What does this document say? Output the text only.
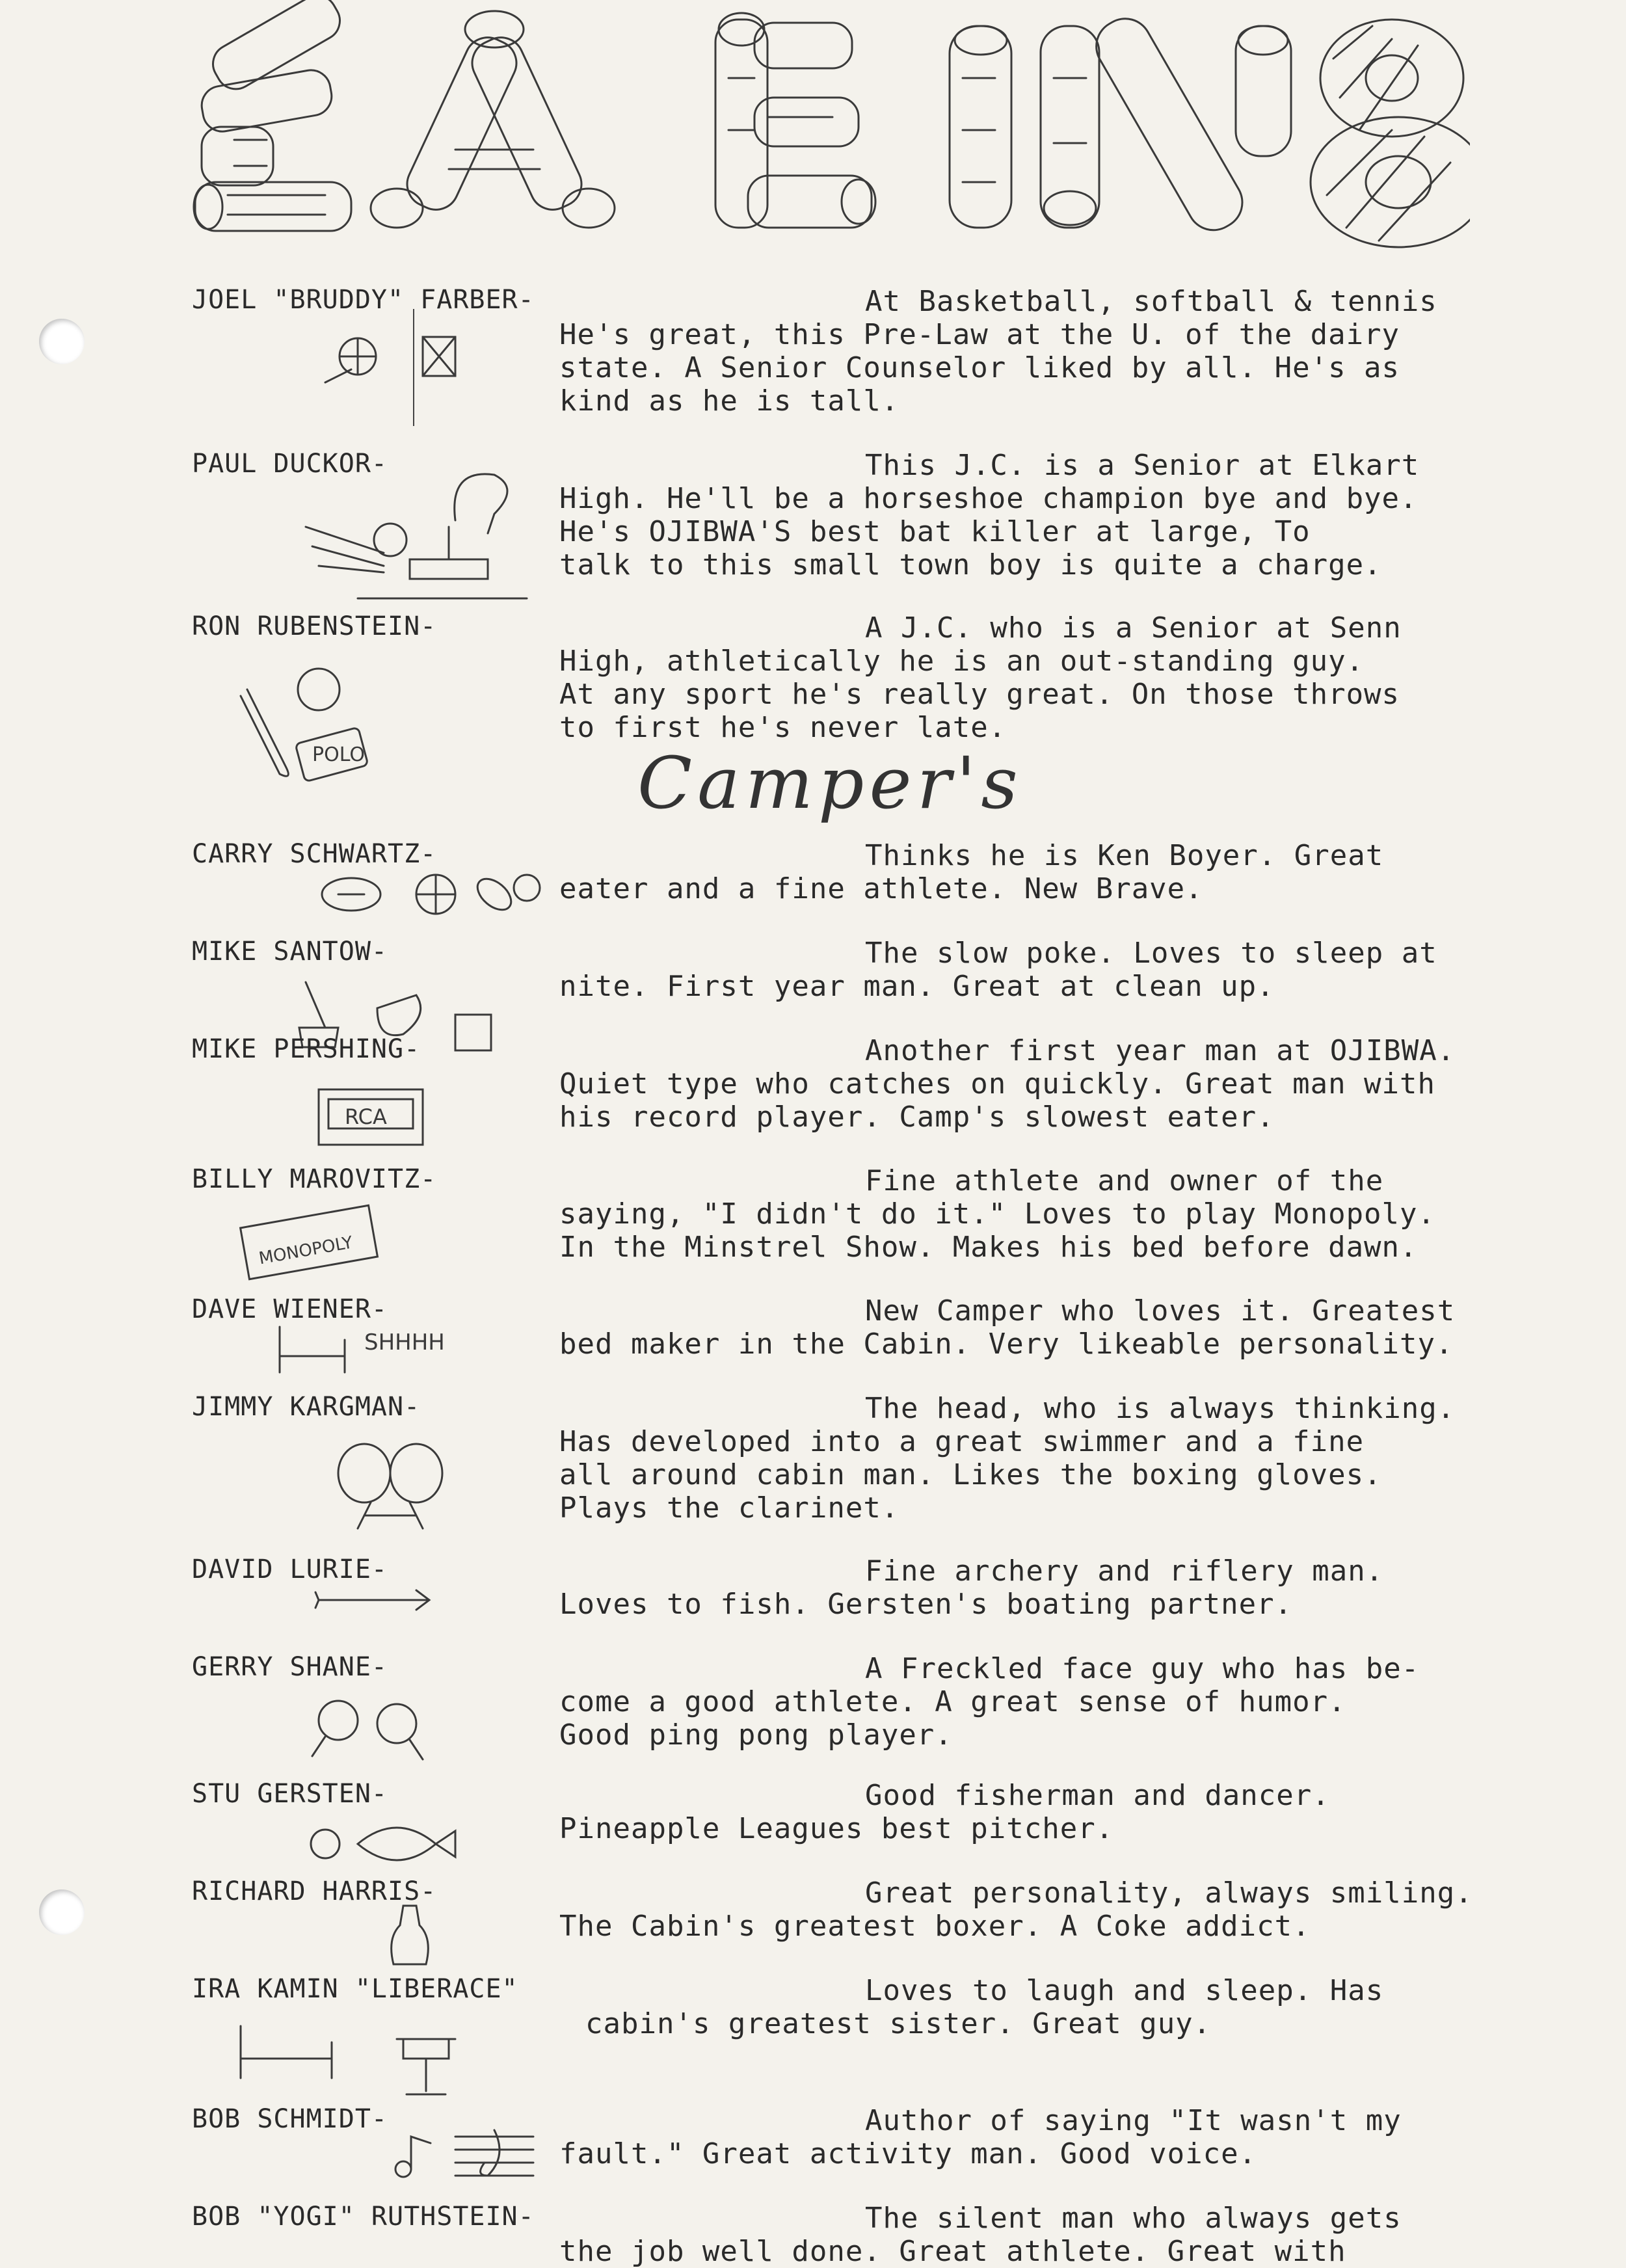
Camper's
JOEL "BRUDDY" FARBER-	At Basketball, softball & tennis
He's great, this Pre-Law at the U. of the dairy
state. A Senior Counselor liked by all. He's as
kind as he is tall.
PAUL DUCKOR-	This J.C. is a Senior at Elkart
High. He'll be a horseshoe champion bye and bye.
He's OJIBWA'S best bat killer at large, To
talk to this small town boy is quite a charge.
RON RUBENSTEIN-	A J.C. who is a Senior at Senn
High, athletically he is an out-standing guy.
At any sport he's really great. On those throws
to first he's never late.
POLO
CARRY SCHWARTZ-	Thinks he is Ken Boyer. Great
eater and a fine athlete. New Brave.
MIKE SANTOW-	The slow poke. Loves to sleep at
nite. First year man. Great at clean up.
MIKE PERSHING-	Another first year man at OJIBWA.
Quiet type who catches on quickly. Great man with
his record player. Camp's slowest eater.
RCA
BILLY MAROVITZ-	Fine athlete and owner of the
saying, "I didn't do it." Loves to play Monopoly.
In the Minstrel Show. Makes his bed before dawn.
MONOPOLY
DAVE WIENER-	New Camper who loves it. Greatest
bed maker in the Cabin. Very likeable personality.
SHHHH
JIMMY KARGMAN-	The head, who is always thinking.
Has developed into a great swimmer and a fine
all around cabin man. Likes the boxing gloves.
Plays the clarinet.
DAVID LURIE-	Fine archery and riflery man.
Loves to fish. Gersten's boating partner.
GERRY SHANE-	A Freckled face guy who has be-
come a good athlete. A great sense of humor.
Good ping pong player.
STU GERSTEN-	Good fisherman and dancer.
Pineapple Leagues best pitcher.
RICHARD HARRIS-	Great personality, always smiling.
The Cabin's greatest boxer. A Coke addict.
IRA KAMIN "LIBERACE"	Loves to laugh and sleep. Has
cabin's greatest sister. Great guy.
BOB SCHMIDT-	Author of saying "It wasn't my
fault." Great activity man. Good voice.
BOB "YOGI" RUTHSTEIN-	The silent man who always gets
the job well done. Great athlete. Great with
